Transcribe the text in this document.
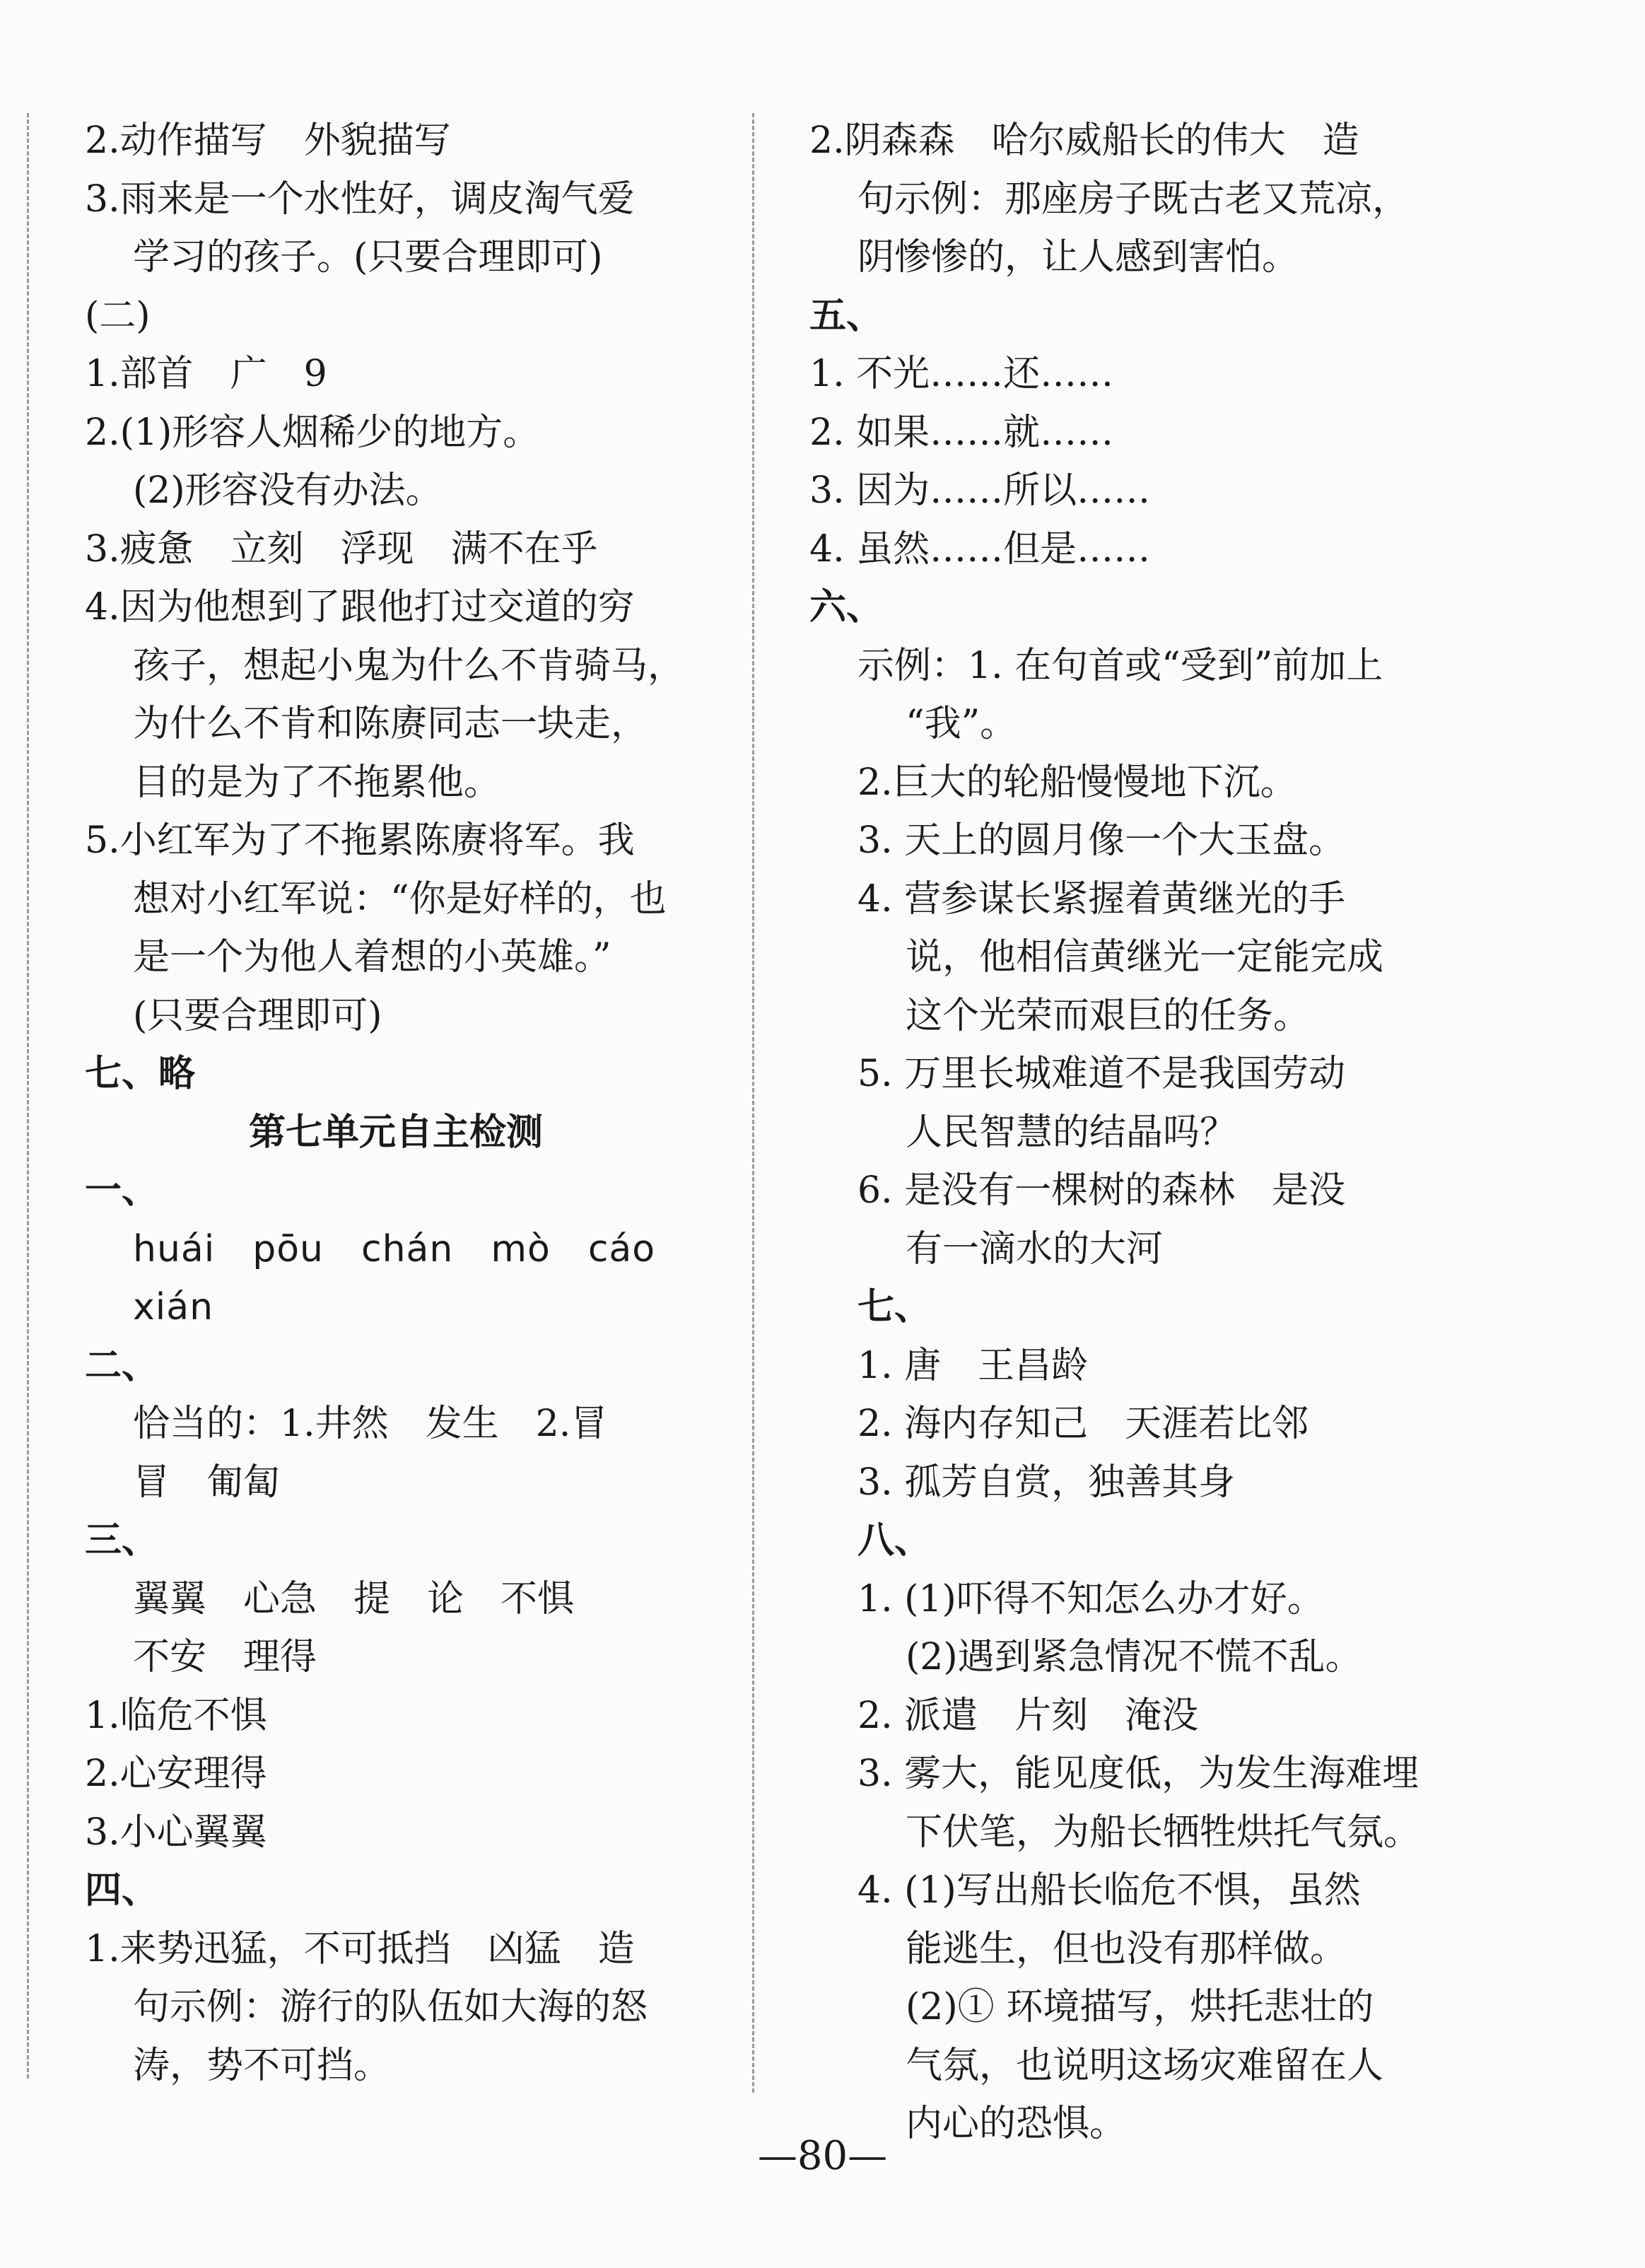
2.动作描写　外貌描写
3.雨来是一个水性好，调皮淘气爱
学习的孩子。(只要合理即可)
(二)
1.部首　广　9
2.(1)形容人烟稀少的地方。
(2)形容没有办法。
3.疲惫　立刻　浮现　满不在乎
4.因为他想到了跟他打过交道的穷
孩子，想起小鬼为什么不肯骑马，
为什么不肯和陈赓同志一块走，
目的是为了不拖累他。
5.小红军为了不拖累陈赓将军。我
想对小红军说：“你是好样的，也
是一个为他人着想的小英雄。”
(只要合理即可)
七、略
第七单元自主检测
一、
huái　pōu　chán　mò　cáo
xián
二、
恰当的：1.井然　发生　2.冒
冒　匍匐
三、
翼翼　心急　提　论　不惧
不安　理得
1.临危不惧
2.心安理得
3.小心翼翼
四、
1.来势迅猛，不可抵挡　凶猛　造
句示例：游行的队伍如大海的怒
涛，势不可挡。
2.阴森森　哈尔威船长的伟大　造
句示例：那座房子既古老又荒凉，
阴惨惨的，让人感到害怕。
五、
1. 不光……还……
2. 如果……就……
3. 因为……所以……
4. 虽然……但是……
六、
示例：1. 在句首或“受到”前加上
“我”。
2.巨大的轮船慢慢地下沉。
3. 天上的圆月像一个大玉盘。
4. 营参谋长紧握着黄继光的手
说，他相信黄继光一定能完成
这个光荣而艰巨的任务。
5. 万里长城难道不是我国劳动
人民智慧的结晶吗？
6. 是没有一棵树的森林　是没
有一滴水的大河
七、
1. 唐　王昌龄
2. 海内存知己　天涯若比邻
3. 孤芳自赏，独善其身
八、
1. (1)吓得不知怎么办才好。
(2)遇到紧急情况不慌不乱。
2. 派遣　片刻　淹没
3. 雾大，能见度低，为发生海难埋
下伏笔，为船长牺牲烘托气氛。
4. (1)写出船长临危不惧，虽然
能逃生，但也没有那样做。
(2)① 环境描写，烘托悲壮的
气氛，也说明这场灾难留在人
内心的恐惧。
—80—
